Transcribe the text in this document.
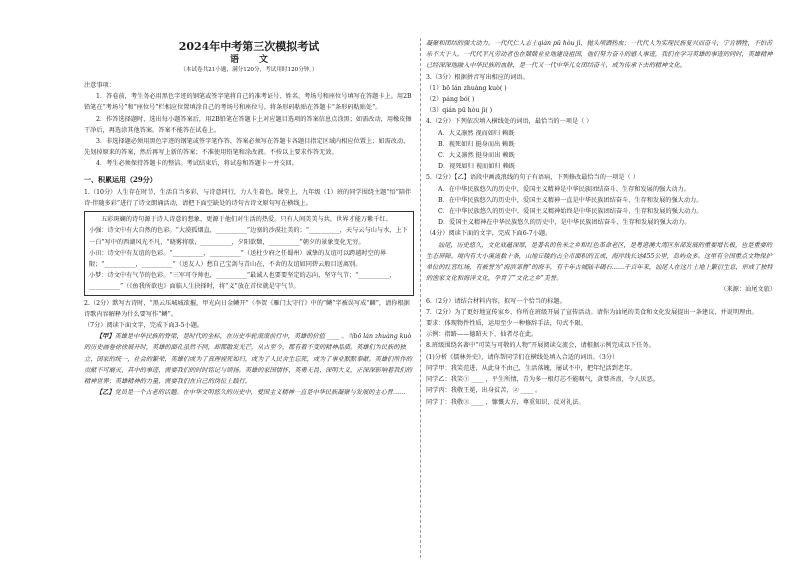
2024年中考第三次模拟考试
语文
（本试卷共21小题，满分120分，考试用时120分钟。）

注意事项：

1．答卷前，考生务必用黑色字迹的钢笔或签字笔将自己的准考证号、姓名、考场号和座位号填写在答题卡上。用2B铅笔在“考场号”和“座位号”栏相应位置填涂自己的考场号和座位号。将条形码粘贴在答题卡“条形码粘贴处”。

2．作答选择题时，选出每小题答案后，用2B铅笔在答题卡上对应题目选项的答案信息点涂黑；如需改动，用橡皮擦干净后，再选涂其他答案。答案不能答在试卷上。

3．非选择题必须用黑色字迹的钢笔或签字笔作答，答案必须写在答题卡各题目指定区域内相应位置上；如需改动，先划掉原来的答案，然后再写上新的答案；不准使用铅笔和涂改液。不按以上要求作答无效。

4．考生必须保持答题卡的整洁。考试结束后，将试卷和答题卡一并交回。

一、积累运用（29分）

1.（10分）人生存在时节，生活自当多彩，与诗意同行，力人生着色。课堂上，九年级（1）班的同学围绕主题“悟”陪伴诗·伴随多彩”进行了诗文朗诵活动，请把下面空缺处的诗句古诗文原句写在横线上。

五彩斑斓的诗句源于诗人诗意的想象，更源于他们对生活的热爱。只有人间美美与共，世界才能万紫千红。

小强：诗文中有大自然的色彩。“大漠孤烟直，__________”边塞的沙漠壮美的；“__________，天与云与山与水，上下一白”写中的西湖风光不凡，“晓雾将歇，__________，夕阳欲颓，__________”朝夕的景象变化无穷。

小田：诗文中有友谊的色彩。“__________，__________”（送杜少府之任蜀州）诚挚的友谊可以跨越时空的界限；“__________，__________”（送友人）愁自己宝剑与青山在，不舍的友谊如同碧云般目送离别。

小梦：诗文中有气节的色彩。“三军可夺帅也，__________”最诚人也要要坚定的志向，坚守气节；“__________，__________”（《鱼我所欲也》面临人生抉择时，将“义”放在首位就是守气节。

2.（2分）默写古诗时，“黑云压城城欲摧，甲光向日金鳞开”（李贺《雁门太守行》中的“鳞”字被误写成“麟”，请你根据诗歌内容解释为什么要写作“鳞”。

（7分）阅读下面文字，完成下面3-5小题。

【甲】英雄是中华民族的脊梁，是时代的坐标，在历史车轮滚滚前行中，英雄的价值 ____ 。当bō lán zhuàng kuò的历史画卷徐徐展开时，英雄的面孔虽然不同，却都散发光芒，从古至今，都有着不变的精神品质。英雄们为民族的独立、国家的统一，社会的繁荣，英雄们或为了真理视死如归，或为了人民舍生忘死，或为了事业默默奉献。英雄们所作的贡献不可磨灭，其中的事迹，需要我们的时时铭记与颂扬。英雄的家国情怀、英勇无畏、深明大义，正深深影响着我们的精神世界；英雄精神的力量，需要我们在自己的岗位上践行。

【乙】党员是一个古老的话题。在中华文明悠久的历史中，爱国主义精神一直是中华民族凝聚与发展的主心骨……

凝聚和团结的强大动力。一代代仁人志士qián pū hòu jì、抛头颅洒热血；一代代人为实现民族复兴而奋斗，宁肯牺牲，不怕苦乐不大于人。一代代平凡劳动者也在兢兢业业地建设祖国，他们努力奋斗的感人事迹，我们在学习英雄的事迹的同时，英雄精神已经深深地融入中华民族的血脉，是一代又一代中华儿女团结奋斗，成为传承下去的精神文化。

3.（3分）根据拼音写出相应的词语。

（1）bō lán zhuàng kuò( )

（2）páng bó( )

（3）qián pū hòu jì( )

4.（2分）下列依次填入横线处的词语，最恰当的一项是（ ）

A．大义凛然 视而如归 赖既

B．视死如归 挺身而出 赖既

C．大义凛然 挺身而出 赖既

D．视死如归 视而如归 赖既

5.（2分）【乙】语段中画波浪线的句子有语病，下列修改最恰当的一项是（ ）

A．在中华民族悠久的历史中，爱国主义精神是中华民族团结奋斗、生存和发展的强大动力。

B．在中华民族悠久的历史中，爱国主义精神一直是中华民族团结奋斗、生存和发展的强大动力。

C．在中华民族悠久的历史中，爱国主义精神始终是中华民族团结奋斗、生存和发展的强大动力。

D．爱国主义精神在中华民族悠久的历史中，是中华民族团结奋斗、生存和发展的强大动力。

（4分）阅读下面的文字，完成下面6-7小题。

汕尾，历史悠久，文化底蕴深厚，是著名的鱼米之乡和红色革命老区，是粤港澳大湾区东部发展的重要增长极，也是重要的生态屏障。境内有大小溪流数十条，山地丘陵约占全市面积的五成，海岸线长达455公里，岛屿众多。这里有全国重点文物保护单位的红宫红场，有被誉为“海滨邹鲁”的海丰，有千年古城陆丰碣石……千百年来，汕尾人在这片土地上繁衍生息，形成了独特的渔家文化和海洋文化，孕育了“文化之乡”美誉。

（来源：汕尾文旅）

6.（2分）请结合材料内容，拟写一个恰当的标题。

7.（2分）为了更好地宣传家乡，你所在班级开展了宣传活动。请你为汕尾的美食和文化发展提出一条建议，并说明理由。

要求：体现物件性质，运用至少一种修辞手法，句式不限。

示例：指路——德昭天下，仙者尽在此。

8.班级围绕名著中“可笑与可敬的人物”开展阅读交流会，请根据示例完成以下任务。

(1)分析《儒林外史》，请你帮同学们在横线处填入合适的词语。（3分）

同学甲：我笑范进，从此身不由己，生活落魄，屡试不中，把年纪活到老年。

同学乙：我笑① ____ ，平生所情，青为多一根灯芯不能咽气，贪婪吝啬，令人厌恶。

同学丙：我敬王冕，出身贫苦，② ____ 。

同学丁：我敬③ ____ ，慷慨大方，尊重知识，反对礼法。
